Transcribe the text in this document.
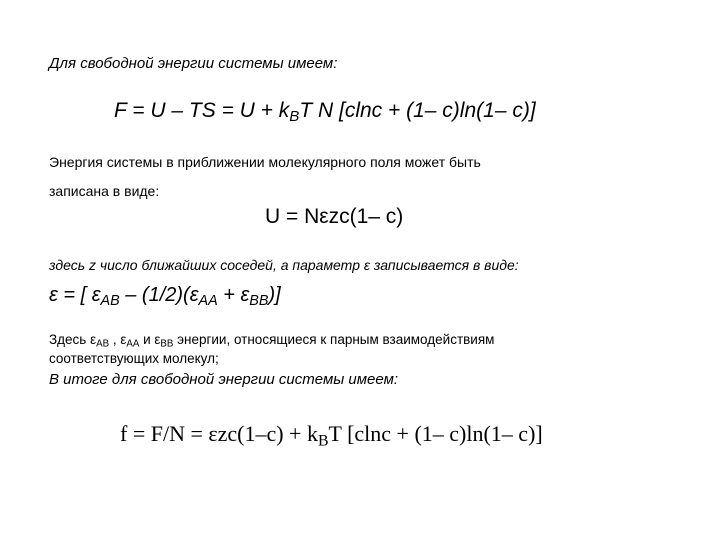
Для свободной энергии системы имеем:
F = U – TS = $U + k_BT$ N [clnc + (1– c)ln(1– c)]
Энергия системы в приближении молекулярного поля может быть
записана в виде:
U = Nεzc(1– c)
здесь z число ближайших соседей, а параметр ε записывается в виде:
ε = [ $\varepsilon_{AB} - (1/2)(\varepsilon_{AA} + \varepsilon_{BB})$]
Здесь $\varepsilon_{AB}$ , $\varepsilon_{AA}$ и $\varepsilon_{BB}$ энергии, относящиеся к парным взаимодействиям
соответствующих молекул;
В итоге для свободной энергии системы имеем:
$f = F/N = \varepsilon zc(1-c) + k_BT$ [clnc + (1– c)ln(1– c)]
